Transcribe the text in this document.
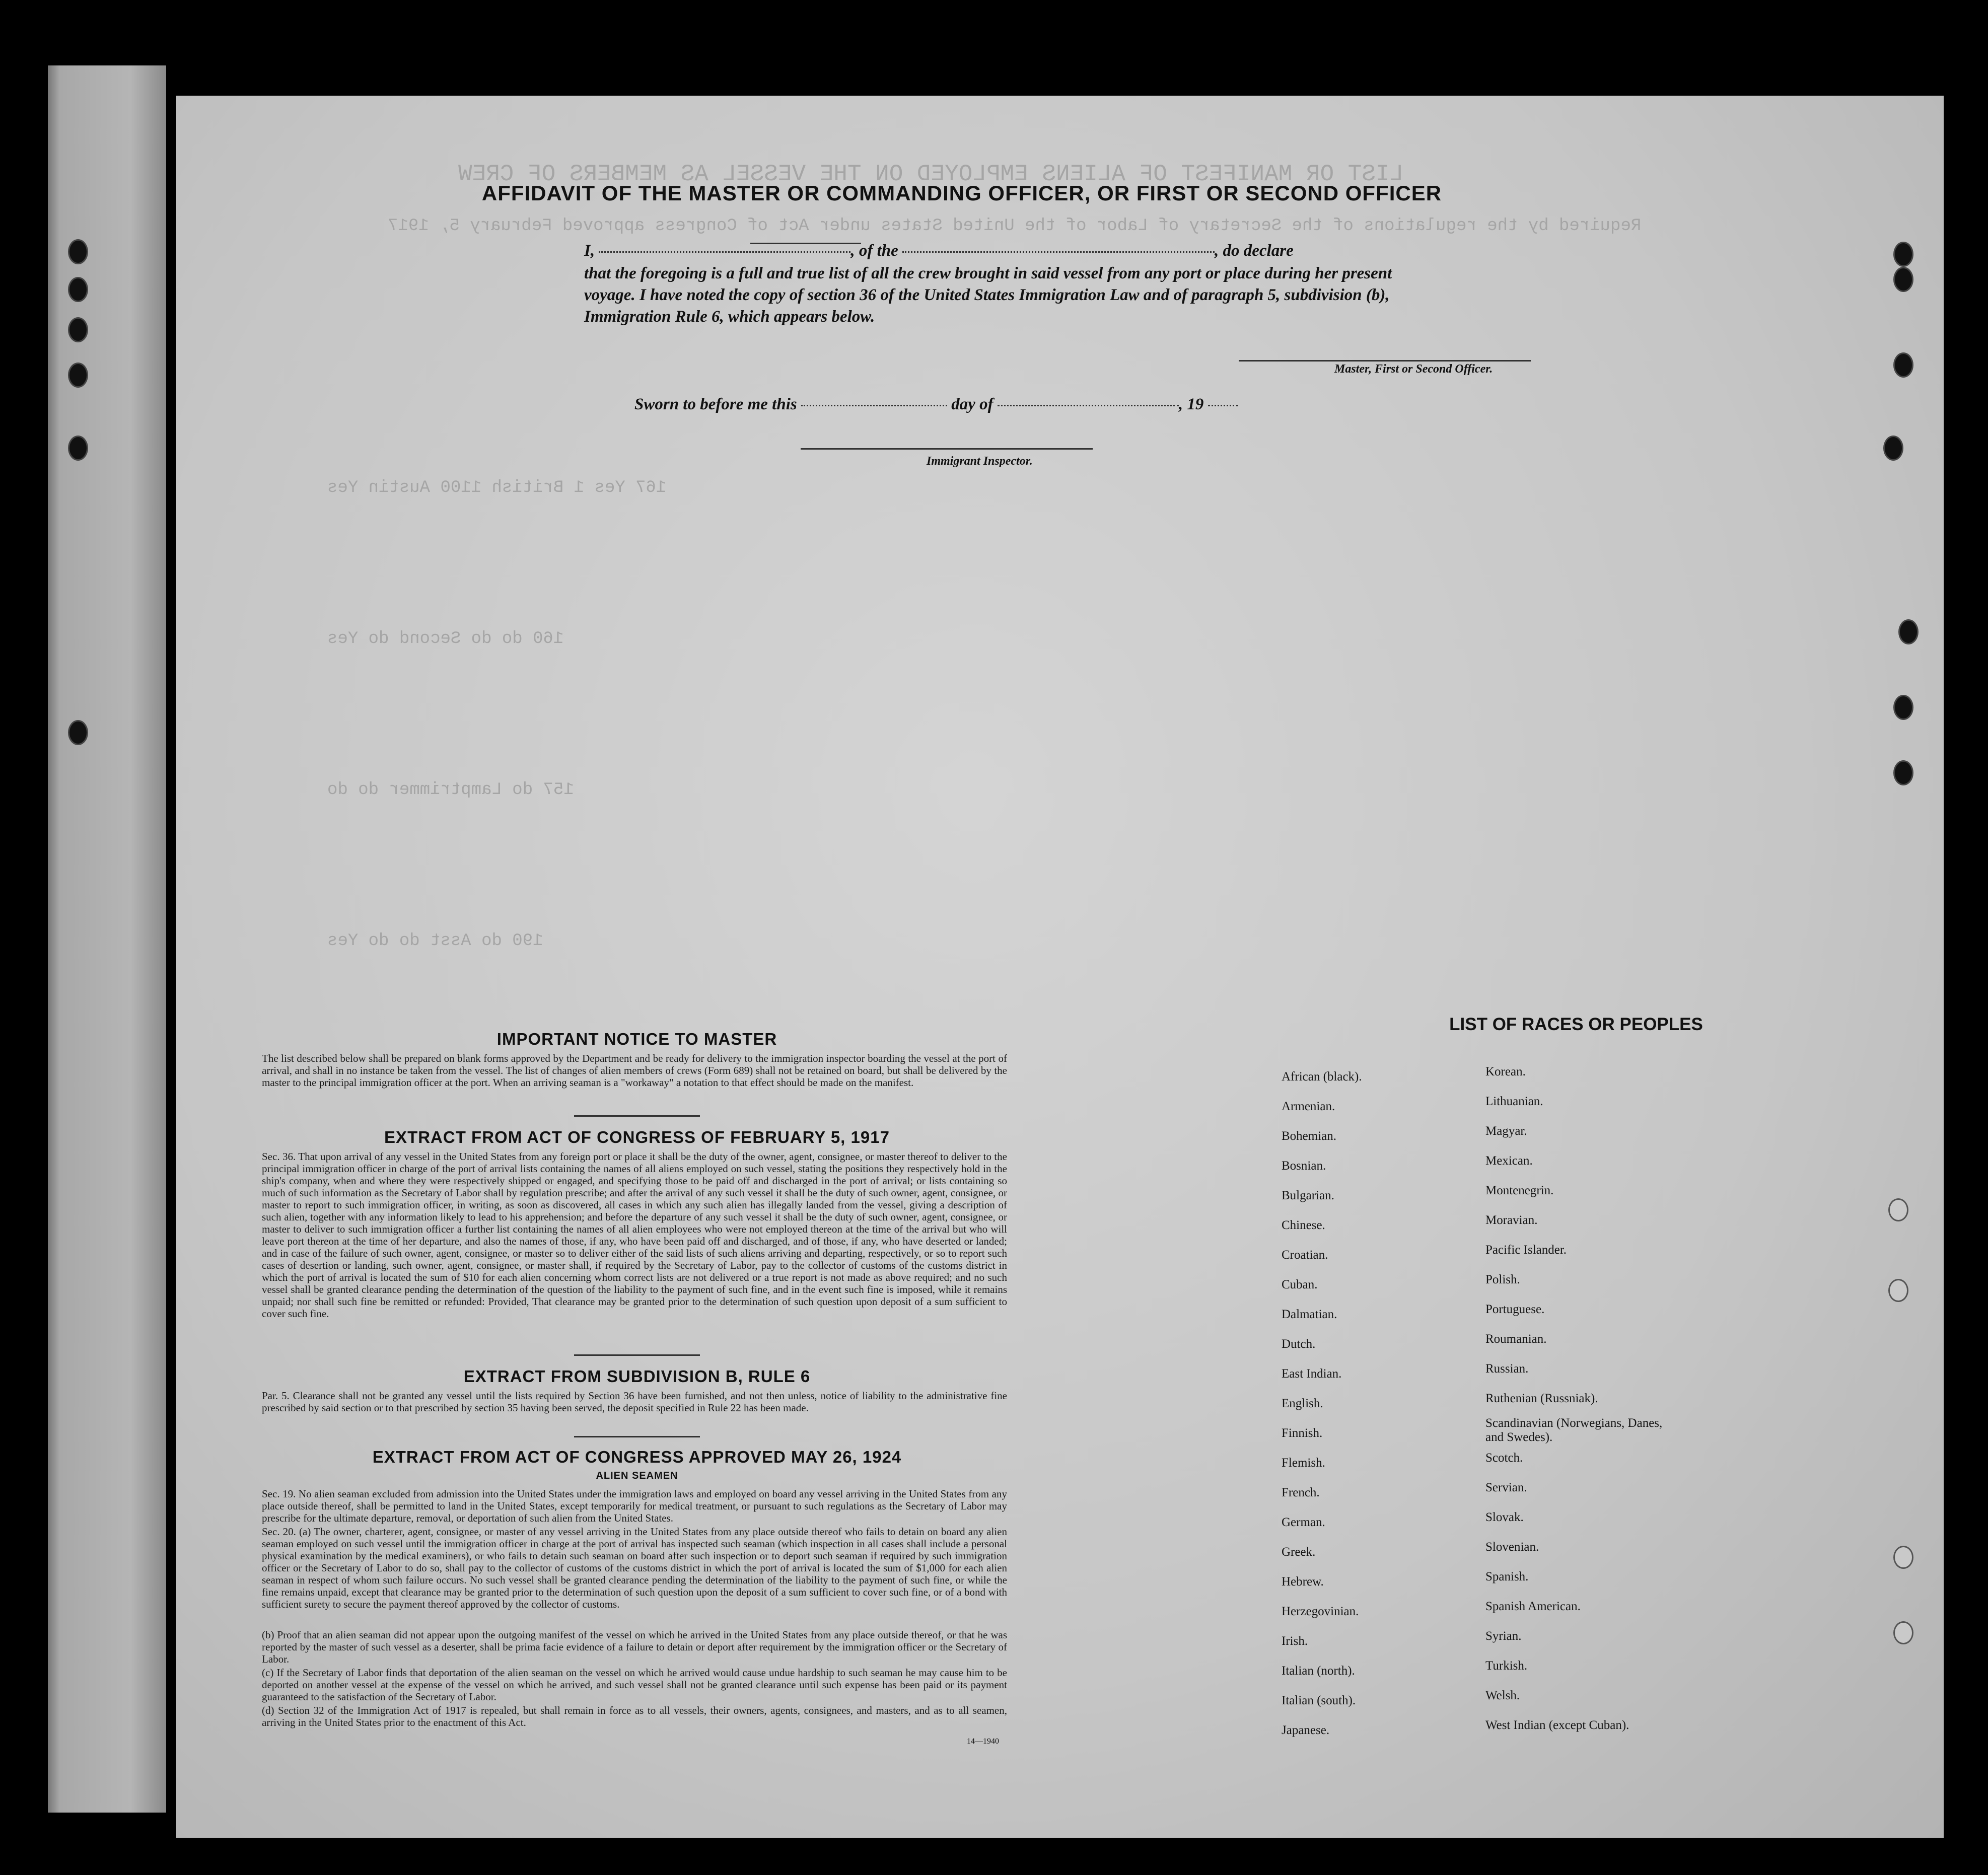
LIST OR MANIFEST OF ALIENS EMPLOYED ON THE VESSEL AS MEMBERS OF CREW
Required by the regulations of the Secretary of Labor of the United States under Act of Congress approved February 5, 1917
167 Yes 1 British 1100 Austin Yes
160 do do Second do Yes
157 do Lamptrimmer do do
190 do Asst do do Yes
AFFIDAVIT OF THE MASTER OR COMMANDING OFFICER, OR FIRST OR SECOND OFFICER
I,	, of the	, do declare
that the foregoing is a full and true list of all the crew brought in said vessel from any port or place during her present
voyage. I have noted the copy of section 36 of the United States Immigration Law and of paragraph 5, subdivision (b),
Immigration Rule 6, which appears below.
Master, First or Second Officer.
Sworn to before me this	day of	, 19
Immigrant Inspector.
IMPORTANT NOTICE TO MASTER
The list described below shall be prepared on blank forms approved by the Department and be ready for delivery to the immigration inspector boarding the vessel at the port of arrival, and shall in no instance be taken from the vessel. The list of changes of alien members of crews (Form 689) shall not be retained on board, but shall be delivered by the master to the principal immigration officer at the port. When an arriving seaman is a "workaway" a notation to that effect should be made on the manifest.
EXTRACT FROM ACT OF CONGRESS OF FEBRUARY 5, 1917
Sec. 36. That upon arrival of any vessel in the United States from any foreign port or place it shall be the duty of the owner, agent, consignee, or master thereof to deliver to the principal immigration officer in charge of the port of arrival lists containing the names of all aliens employed on such vessel, stating the positions they respectively hold in the ship's company, when and where they were respectively shipped or engaged, and specifying those to be paid off and discharged in the port of arrival; or lists containing so much of such information as the Secretary of Labor shall by regulation prescribe; and after the arrival of any such vessel it shall be the duty of such owner, agent, consignee, or master to report to such immigration officer, in writing, as soon as discovered, all cases in which any such alien has illegally landed from the vessel, giving a description of such alien, together with any information likely to lead to his apprehension; and before the departure of any such vessel it shall be the duty of such owner, agent, consignee, or master to deliver to such immigration officer a further list containing the names of all alien employees who were not employed thereon at the time of the arrival but who will leave port thereon at the time of her departure, and also the names of those, if any, who have been paid off and discharged, and of those, if any, who have deserted or landed; and in case of the failure of such owner, agent, consignee, or master so to deliver either of the said lists of such aliens arriving and departing, respectively, or so to report such cases of desertion or landing, such owner, agent, consignee, or master shall, if required by the Secretary of Labor, pay to the collector of customs of the customs district in which the port of arrival is located the sum of $10 for each alien concerning whom correct lists are not delivered or a true report is not made as above required; and no such vessel shall be granted clearance pending the determination of the question of the liability to the payment of such fine, and in the event such fine is imposed, while it remains unpaid; nor shall such fine be remitted or refunded: Provided, That clearance may be granted prior to the determination of such question upon deposit of a sum sufficient to cover such fine.
EXTRACT FROM SUBDIVISION B, RULE 6
Par. 5. Clearance shall not be granted any vessel until the lists required by Section 36 have been furnished, and not then unless, notice of liability to the administrative fine prescribed by said section or to that prescribed by section 35 having been served, the deposit specified in Rule 22 has been made.
EXTRACT FROM ACT OF CONGRESS APPROVED MAY 26, 1924
ALIEN SEAMEN
Sec. 19. No alien seaman excluded from admission into the United States under the immigration laws and employed on board any vessel arriving in the United States from any place outside thereof, shall be permitted to land in the United States, except temporarily for medical treatment, or pursuant to such regulations as the Secretary of Labor may prescribe for the ultimate departure, removal, or deportation of such alien from the United States.
Sec. 20. (a) The owner, charterer, agent, consignee, or master of any vessel arriving in the United States from any place outside thereof who fails to detain on board any alien seaman employed on such vessel until the immigration officer in charge at the port of arrival has inspected such seaman (which inspection in all cases shall include a personal physical examination by the medical examiners), or who fails to detain such seaman on board after such inspection or to deport such seaman if required by such immigration officer or the Secretary of Labor to do so, shall pay to the collector of customs of the customs district in which the port of arrival is located the sum of $1,000 for each alien seaman in respect of whom such failure occurs. No such vessel shall be granted clearance pending the determination of the liability to the payment of such fine, or while the fine remains unpaid, except that clearance may be granted prior to the determination of such question upon the deposit of a sum sufficient to cover such fine, or of a bond with sufficient surety to secure the payment thereof approved by the collector of customs.
(b) Proof that an alien seaman did not appear upon the outgoing manifest of the vessel on which he arrived in the United States from any place outside thereof, or that he was reported by the master of such vessel as a deserter, shall be prima facie evidence of a failure to detain or deport after requirement by the immigration officer or the Secretary of Labor.
(c) If the Secretary of Labor finds that deportation of the alien seaman on the vessel on which he arrived would cause undue hardship to such seaman he may cause him to be deported on another vessel at the expense of the vessel on which he arrived, and such vessel shall not be granted clearance until such expense has been paid or its payment guaranteed to the satisfaction of the Secretary of Labor.
(d) Section 32 of the Immigration Act of 1917 is repealed, but shall remain in force as to all vessels, their owners, agents, consignees, and masters, and as to all seamen, arriving in the United States prior to the enactment of this Act.
14—1940
LIST OF RACES OR PEOPLES
African (black).
Armenian.
Bohemian.
Bosnian.
Bulgarian.
Chinese.
Croatian.
Cuban.
Dalmatian.
Dutch.
East Indian.
English.
Finnish.
Flemish.
French.
German.
Greek.
Hebrew.
Herzegovinian.
Irish.
Italian (north).
Italian (south).
Japanese.
Korean.
Lithuanian.
Magyar.
Mexican.
Montenegrin.
Moravian.
Pacific Islander.
Polish.
Portuguese.
Roumanian.
Russian.
Ruthenian (Russniak).
Scandinavian (Norwegians, Danes, and Swedes).
Scotch.
Servian.
Slovak.
Slovenian.
Spanish.
Spanish American.
Syrian.
Turkish.
Welsh.
West Indian (except Cuban).
